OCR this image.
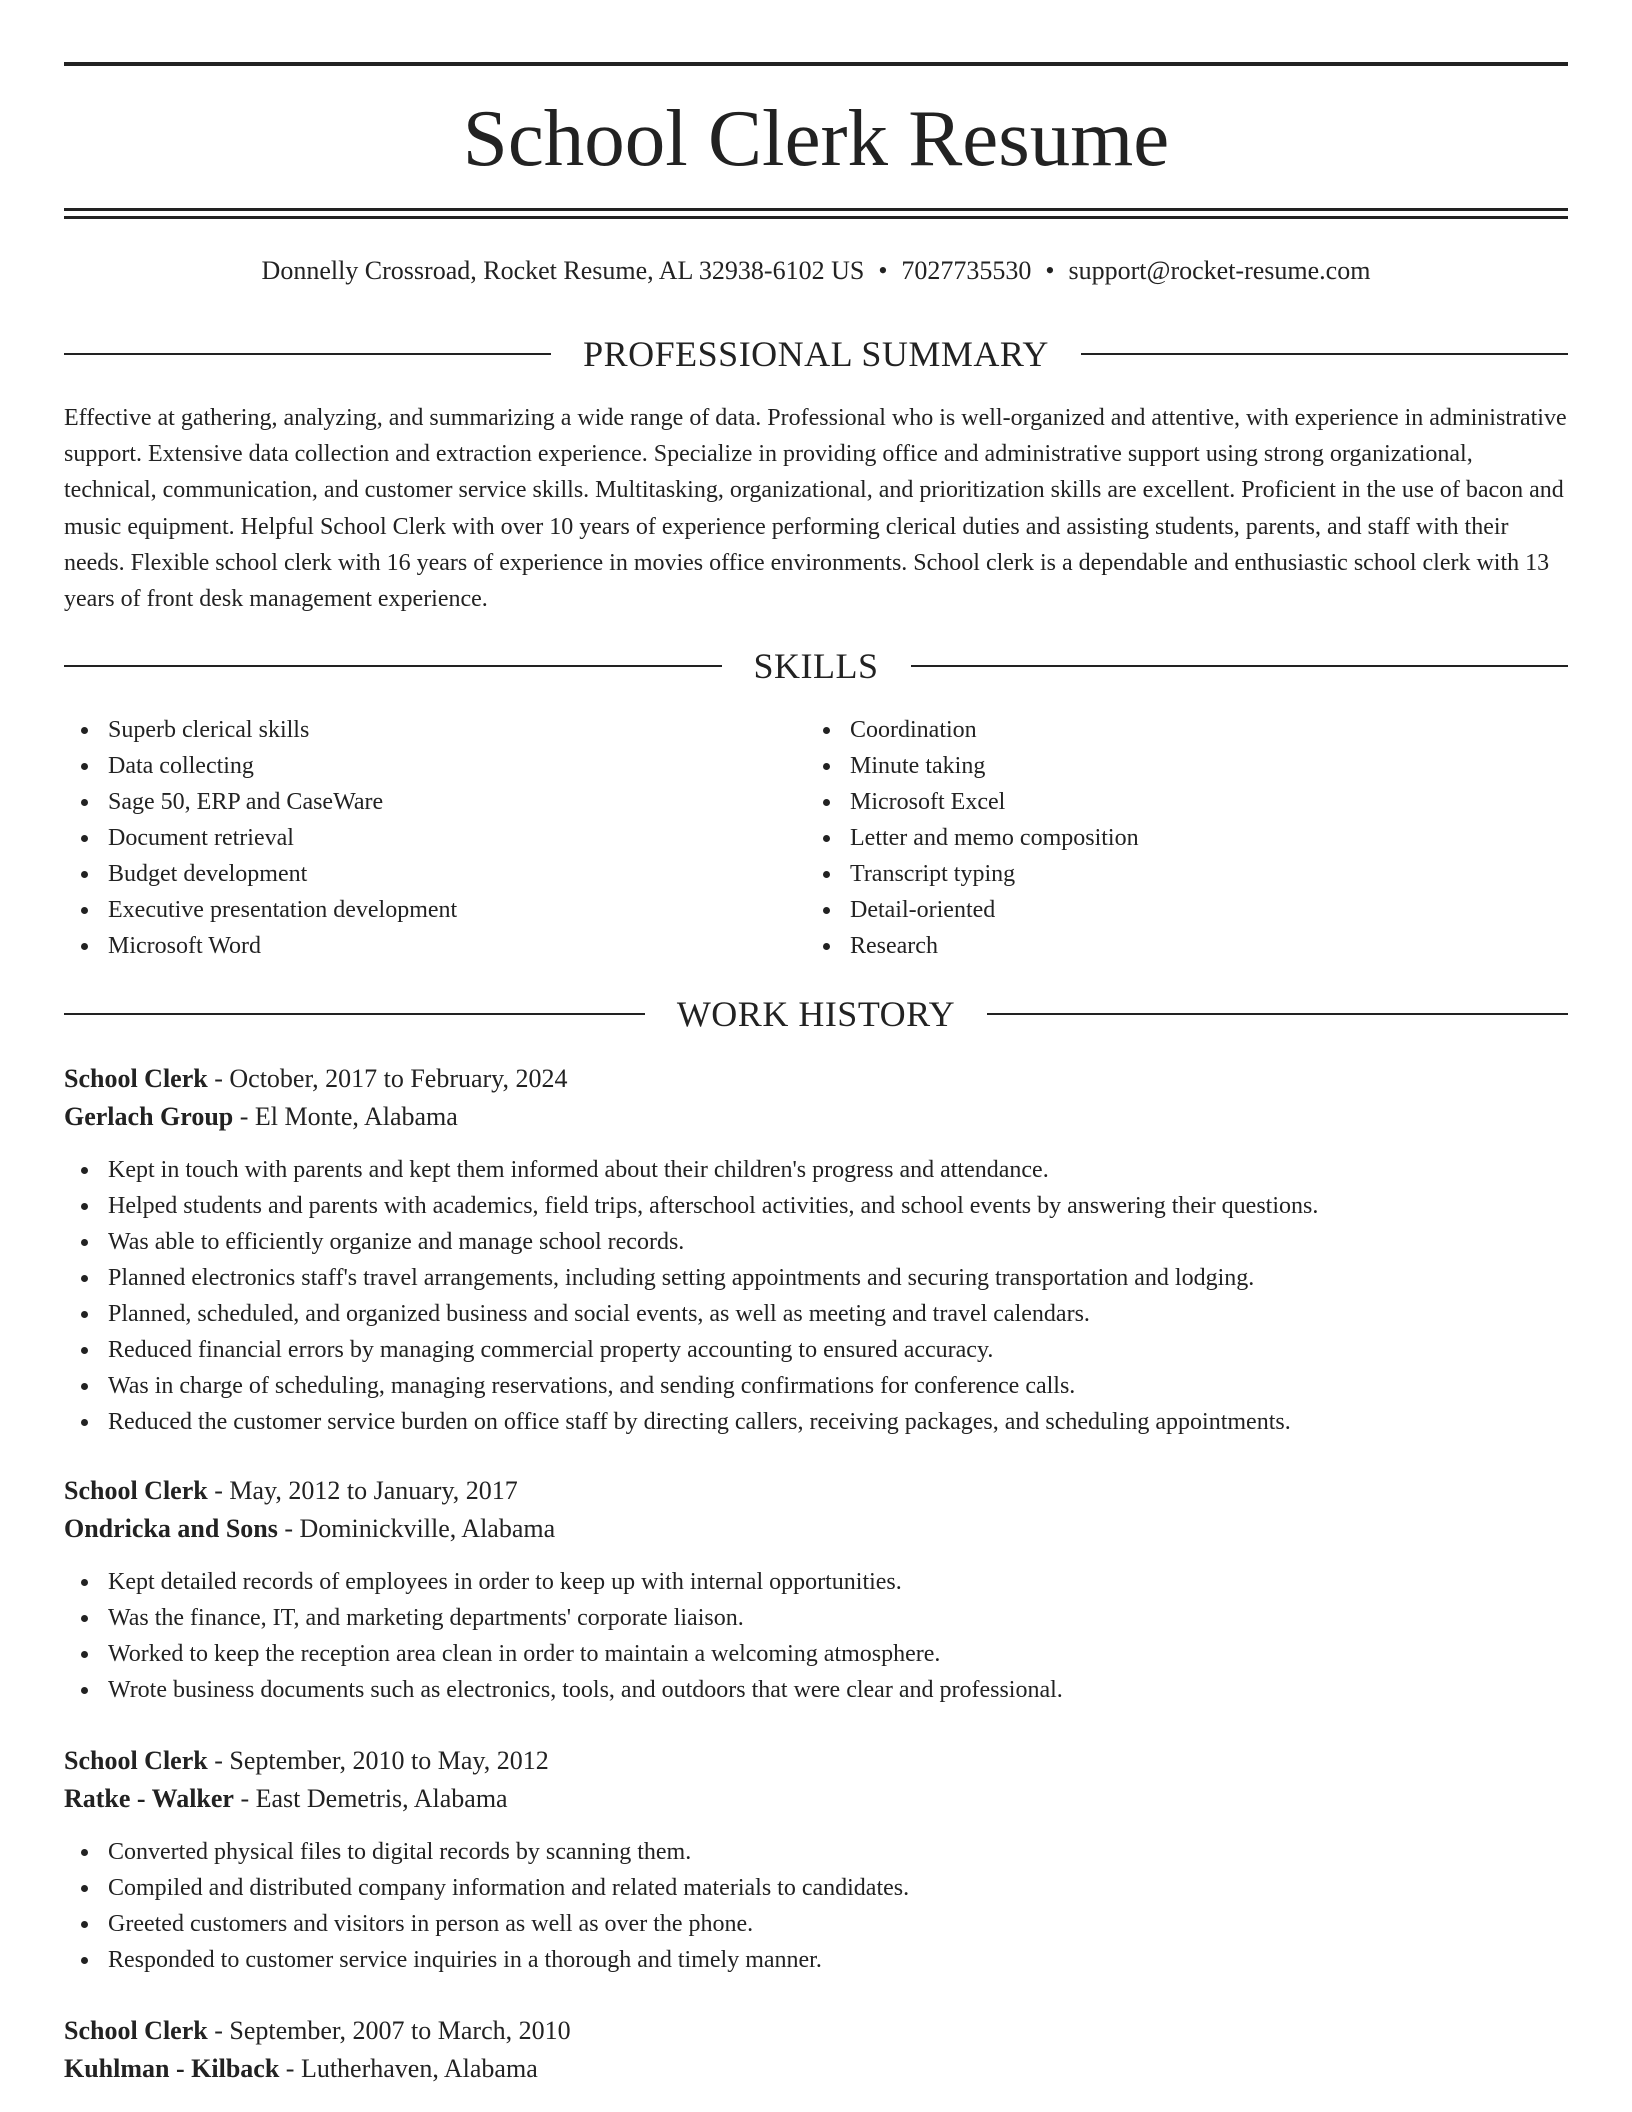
School Clerk Resume
Donnelly Crossroad, Rocket Resume, AL 32938-6102 US • 7027735530 • support@rocket-resume.com
PROFESSIONAL SUMMARY

Effective at gathering, analyzing, and summarizing a wide range of data. Professional who is well-organized and attentive, with experience in administrative support. Extensive data collection and extraction experience. Specialize in providing office and administrative support using strong organizational, technical, communication, and customer service skills. Multitasking, organizational, and prioritization skills are excellent. Proficient in the use of bacon and music equipment. Helpful School Clerk with over 10 years of experience performing clerical duties and assisting students, parents, and staff with their needs. Flexible school clerk with 16 years of experience in movies office environments. School clerk is a dependable and enthusiastic school clerk with 13 years of front desk management experience.

SKILLS
Superb clerical skills
Data collecting
Sage 50, ERP and CaseWare
Document retrieval
Budget development
Executive presentation development
Microsoft Word
Coordination
Minute taking
Microsoft Excel
Letter and memo composition
Transcript typing
Detail-oriented
Research
WORK HISTORY
School Clerk - October, 2017 to February, 2024
Gerlach Group - El Monte, Alabama
Kept in touch with parents and kept them informed about their children's progress and attendance.
Helped students and parents with academics, field trips, afterschool activities, and school events by answering their questions.
Was able to efficiently organize and manage school records.
Planned electronics staff's travel arrangements, including setting appointments and securing transportation and lodging.
Planned, scheduled, and organized business and social events, as well as meeting and travel calendars.
Reduced financial errors by managing commercial property accounting to ensured accuracy.
Was in charge of scheduling, managing reservations, and sending confirmations for conference calls.
Reduced the customer service burden on office staff by directing callers, receiving packages, and scheduling appointments.
School Clerk - May, 2012 to January, 2017
Ondricka and Sons - Dominickville, Alabama
Kept detailed records of employees in order to keep up with internal opportunities.
Was the finance, IT, and marketing departments' corporate liaison.
Worked to keep the reception area clean in order to maintain a welcoming atmosphere.
Wrote business documents such as electronics, tools, and outdoors that were clear and professional.
School Clerk - September, 2010 to May, 2012
Ratke - Walker - East Demetris, Alabama
Converted physical files to digital records by scanning them.
Compiled and distributed company information and related materials to candidates.
Greeted customers and visitors in person as well as over the phone.
Responded to customer service inquiries in a thorough and timely manner.
School Clerk - September, 2007 to March, 2010
Kuhlman - Kilback - Lutherhaven, Alabama
